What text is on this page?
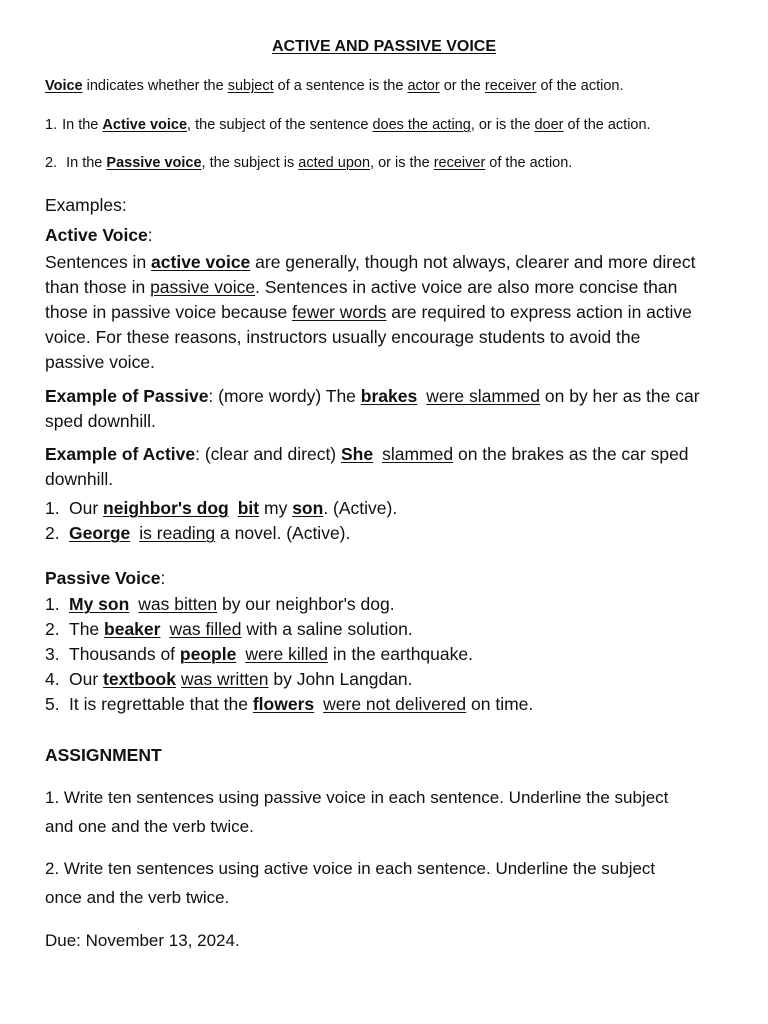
ACTIVE AND PASSIVE VOICE

Voice indicates whether the subject of a sentence is the actor or the receiver of the action.

1. In the Active voice, the subject of the sentence does the acting, or is the doer of the action.

2. In the Passive voice, the subject is acted upon, or is the receiver of the action.

Examples:

Active Voice:

Sentences in active voice are generally, though not always, clearer and more direct
than those in passive voice. Sentences in active voice are also more concise than
those in passive voice because fewer words are required to express action in active
voice. For these reasons, instructors usually encourage students to avoid the
passive voice.
Example of Passive: (more wordy) The brakes were slammed on by her as the car
sped downhill.
Example of Active: (clear and direct) She slammed on the brakes as the car sped
downhill.
1. Our neighbor's dog bit my son. (Active).
2. George is reading a novel. (Active).

Passive Voice:

1. My son was bitten by our neighbor's dog.
2. The beaker was filled with a saline solution.
3. Thousands of people were killed in the earthquake.
4. Our textbook was written by John Langdan.
5. It is regrettable that the flowers were not delivered on time.

ASSIGNMENT

1. Write ten sentences using passive voice in each sentence. Underline the subject
and one and the verb twice.
2. Write ten sentences using active voice in each sentence. Underline the subject
once and the verb twice.

Due: November 13, 2024.
